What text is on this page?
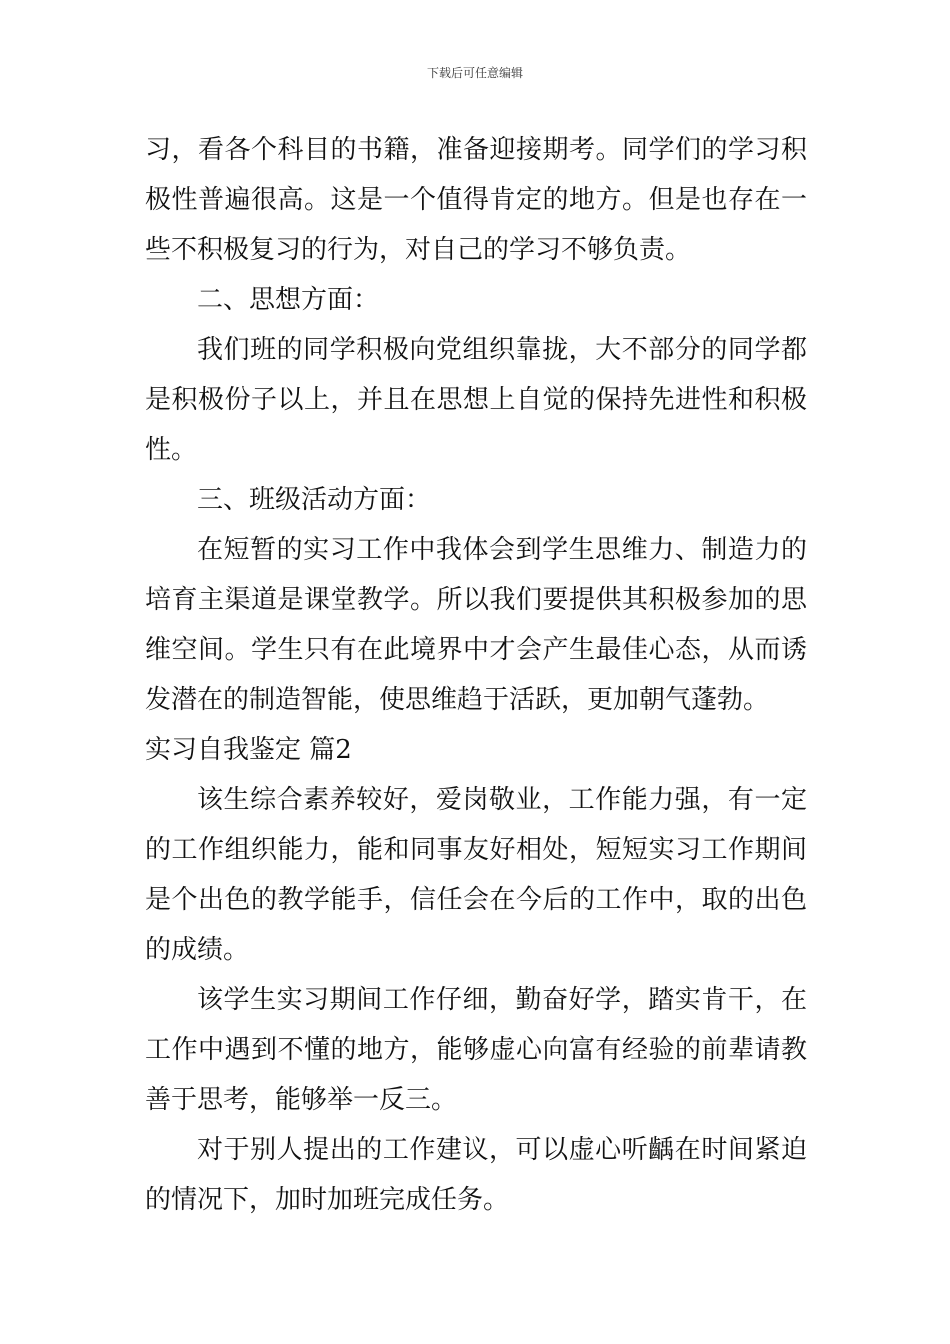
下载后可任意编辑
习，看各个科目的书籍，准备迎接期考。同学们的学习积
极性普遍很高。这是一个值得肯定的地方。但是也存在一
些不积极复习的行为，对自己的学习不够负责。
二、思想方面：
我们班的同学积极向党组织靠拢，大不部分的同学都
是积极份子以上，并且在思想上自觉的保持先进性和积极
性。
三、班级活动方面：
在短暂的实习工作中我体会到学生思维力、制造力的
培育主渠道是课堂教学。所以我们要提供其积极参加的思
维空间。学生只有在此境界中才会产生最佳心态，从而诱
发潜在的制造智能，使思维趋于活跃，更加朝气蓬勃。
实习自我鉴定 篇2
该生综合素养较好，爱岗敬业，工作能力强，有一定
的工作组织能力，能和同事友好相处，短短实习工作期间
是个出色的教学能手，信任会在今后的工作中，取的出色
的成绩。
该学生实习期间工作仔细，勤奋好学，踏实肯干，在
工作中遇到不懂的地方，能够虚心向富有经验的前辈请教
善于思考，能够举一反三。
对于别人提出的工作建议，可以虚心听齲在时间紧迫
的情况下，加时加班完成任务。
